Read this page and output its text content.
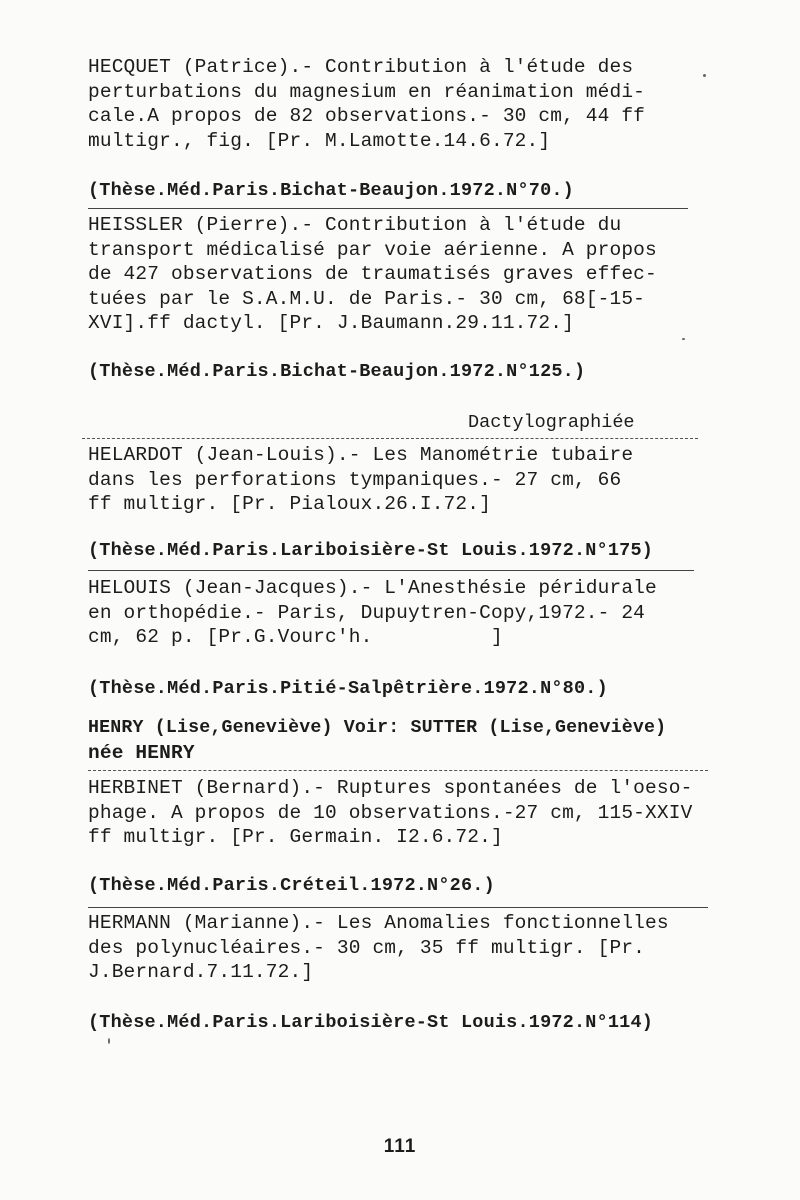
HECQUET (Patrice).- Contribution à l'étude des
perturbations du magnesium en réanimation médi-
cale.A propos de 82 observations.- 30 cm, 44 ff
multigr., fig. [Pr. M.Lamotte.14.6.72.]
(Thèse.Méd.Paris.Bichat-Beaujon.1972.N°70.)
HEISSLER (Pierre).- Contribution à l'étude du
transport médicalisé par voie aérienne. A propos
de 427 observations de traumatisés graves effec-
tuées par le S.A.M.U. de Paris.- 30 cm, 68[-15-
XVI].ff dactyl. [Pr. J.Baumann.29.11.72.]
(Thèse.Méd.Paris.Bichat-Beaujon.1972.N°125.)
Dactylographiée
HELARDOT (Jean-Louis).- Les Manométrie tubaire
dans les perforations tympaniques.- 27 cm, 66
ff multigr. [Pr. Pialoux.26.I.72.]
(Thèse.Méd.Paris.Lariboisière-St Louis.1972.N°175)
HELOUIS (Jean-Jacques).- L'Anesthésie péridurale
en orthopédie.- Paris, Dupuytren-Copy,1972.- 24
cm, 62 p. [Pr.G.Vourc'h.          ]
(Thèse.Méd.Paris.Pitié-Salpêtrière.1972.N°80.)
HENRY (Lise,Geneviève) Voir: SUTTER (Lise,Geneviève)
née HENRY
HERBINET (Bernard).- Ruptures spontanées de l'oeso-
phage. A propos de 10 observations.-27 cm, 115-XXIV
ff multigr. [Pr. Germain. I2.6.72.]
(Thèse.Méd.Paris.Créteil.1972.N°26.)
HERMANN (Marianne).- Les Anomalies fonctionnelles
des polynucléaires.- 30 cm, 35 ff multigr. [Pr.
J.Bernard.7.11.72.]
(Thèse.Méd.Paris.Lariboisière-St Louis.1972.N°114)
111
